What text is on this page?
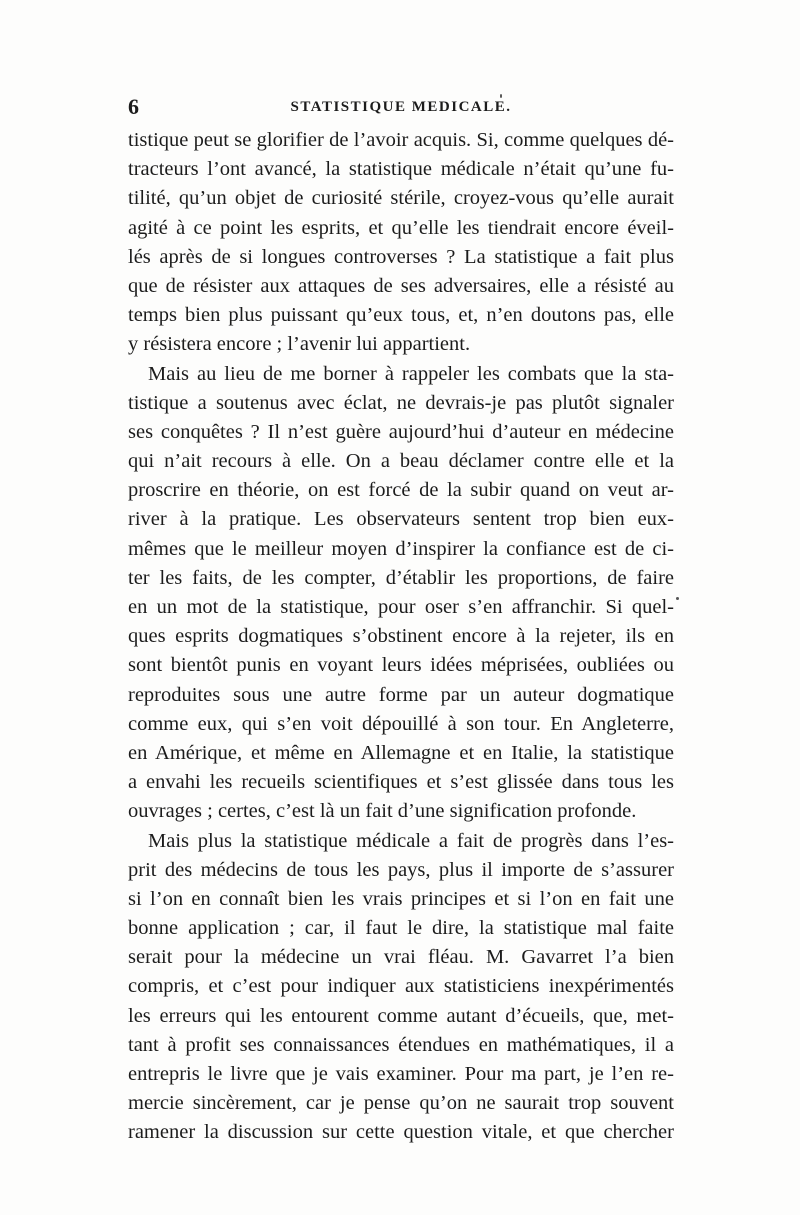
6	STATISTIQUE MEDICALE.
tistique peut se glorifier de l’avoir acquis. Si, comme quelques dé-
tracteurs l’ont avancé, la statistique médicale n’était qu’une fu-
tilité, qu’un objet de curiosité stérile, croyez-vous qu’elle aurait
agité à ce point les esprits, et qu’elle les tiendrait encore éveil-
lés après de si longues controverses ? La statistique a fait plus
que de résister aux attaques de ses adversaires, elle a résisté au
temps bien plus puissant qu’eux tous, et, n’en doutons pas, elle
y résistera encore ; l’avenir lui appartient.
Mais au lieu de me borner à rappeler les combats que la sta-
tistique a soutenus avec éclat, ne devrais-je pas plutôt signaler
ses conquêtes ? Il n’est guère aujourd’hui d’auteur en médecine
qui n’ait recours à elle. On a beau déclamer contre elle et la
proscrire en théorie, on est forcé de la subir quand on veut ar-
river à la pratique. Les observateurs sentent trop bien eux-
mêmes que le meilleur moyen d’inspirer la confiance est de ci-
ter les faits, de les compter, d’établir les proportions, de faire
en un mot de la statistique, pour oser s’en affranchir. Si quel-
ques esprits dogmatiques s’obstinent encore à la rejeter, ils en
sont bientôt punis en voyant leurs idées méprisées, oubliées ou
reproduites sous une autre forme par un auteur dogmatique
comme eux, qui s’en voit dépouillé à son tour. En Angleterre,
en Amérique, et même en Allemagne et en Italie, la statistique
a envahi les recueils scientifiques et s’est glissée dans tous les
ouvrages ; certes, c’est là un fait d’une signification profonde.
Mais plus la statistique médicale a fait de progrès dans l’es-
prit des médecins de tous les pays, plus il importe de s’assurer
si l’on en connaît bien les vrais principes et si l’on en fait une
bonne application ; car, il faut le dire, la statistique mal faite
serait pour la médecine un vrai fléau. M. Gavarret l’a bien
compris, et c’est pour indiquer aux statisticiens inexpérimentés
les erreurs qui les entourent comme autant d’écueils, que, met-
tant à profit ses connaissances étendues en mathématiques, il a
entrepris le livre que je vais examiner. Pour ma part, je l’en re-
mercie sincèrement, car je pense qu’on ne saurait trop souvent
ramener la discussion sur cette question vitale, et que chercher
